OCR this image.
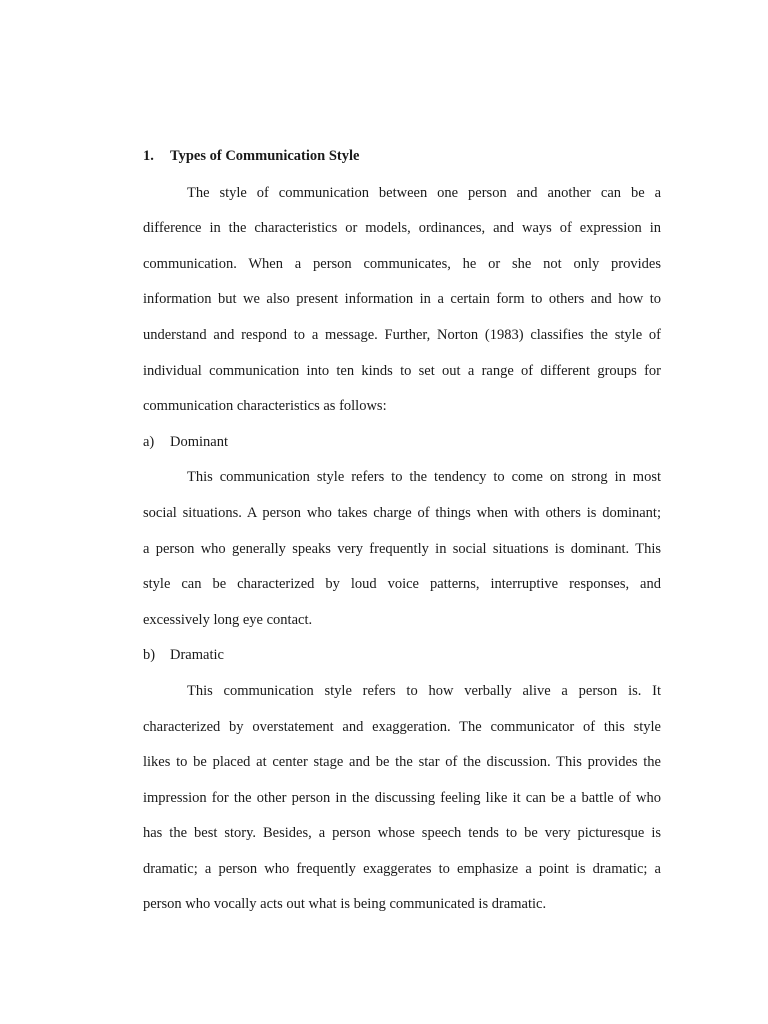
1.	Types of Communication Style
The style of communication between one person and another can be a
difference in the characteristics or models, ordinances, and ways of expression in
communication. When a person communicates, he or she not only provides
information but we also present information in a certain form to others and how to
understand and respond to a message. Further, Norton (1983) classifies the style of
individual communication into ten kinds to set out a range of different groups for
communication characteristics as follows:
a)	Dominant
This communication style refers to the tendency to come on strong in most
social situations. A person who takes charge of things when with others is dominant;
a person who generally speaks very frequently in social situations is dominant. This
style can be characterized by loud voice patterns, interruptive responses, and
excessively long eye contact.
b)	Dramatic
This communication style refers to how verbally alive a person is. It
characterized by overstatement and exaggeration. The communicator of this style
likes to be placed at center stage and be the star of the discussion. This provides the
impression for the other person in the discussing feeling like it can be a battle of who
has the best story. Besides, a person whose speech tends to be very picturesque is
dramatic; a person who frequently exaggerates to emphasize a point is dramatic; a
person who vocally acts out what is being communicated is dramatic.
